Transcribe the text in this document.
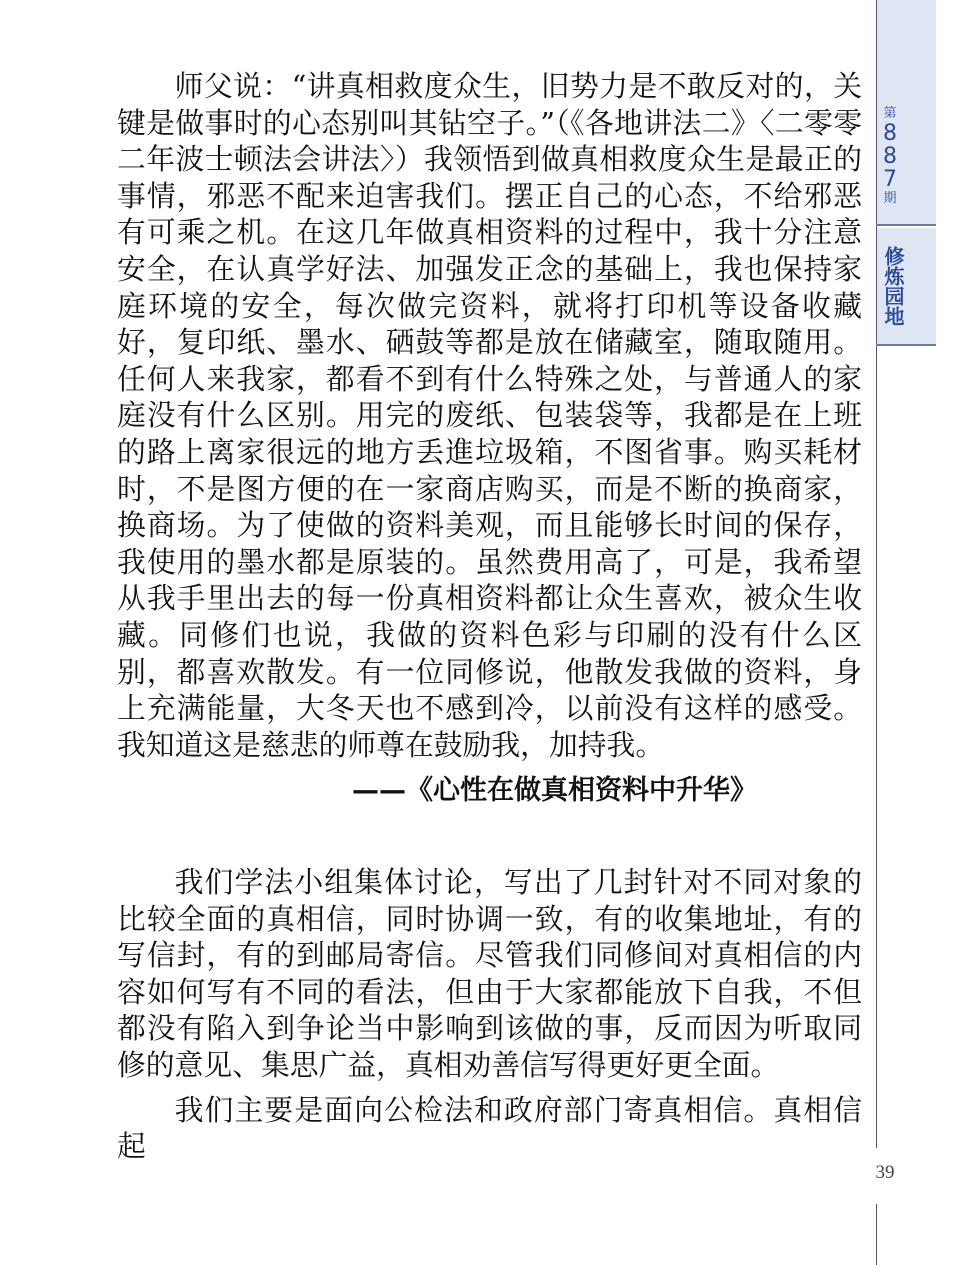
师父说：“讲真相救度众生，旧势力是不敢反对的，关键是做事时的心态别叫其钻空子。”（《各地讲法二》〈二零零二年波士顿法会讲法〉）我领悟到做真相救度众生是最正的事情，邪恶不配来迫害我们。摆正自己的心态，不给邪恶有可乘之机。在这几年做真相资料的过程中，我十分注意安全，在认真学好法、加强发正念的基础上，我也保持家庭环境的安全，每次做完资料，就将打印机等设备收藏好，复印纸、墨水、硒鼓等都是放在储藏室，随取随用。任何人来我家，都看不到有什么特殊之处，与普通人的家庭没有什么区别。用完的废纸、包装袋等，我都是在上班的路上离家很远的地方丢進垃圾箱，不图省事。购买耗材时，不是图方便的在一家商店购买，而是不断的换商家，换商场。为了使做的资料美观，而且能够长时间的保存，我使用的墨水都是原装的。虽然费用高了，可是，我希望从我手里出去的每一份真相资料都让众生喜欢，被众生收藏。同修们也说，我做的资料色彩与印刷的没有什么区别，都喜欢散发。有一位同修说，他散发我做的资料，身上充满能量，大冬天也不感到冷，以前没有这样的感受。我知道这是慈悲的师尊在鼓励我，加持我。

——《心性在做真相资料中升华》

我们学法小组集体讨论，写出了几封针对不同对象的比较全面的真相信，同时协调一致，有的收集地址，有的写信封，有的到邮局寄信。尽管我们同修间对真相信的内容如何写有不同的看法，但由于大家都能放下自我，不但都没有陷入到争论当中影响到该做的事，反而因为听取同修的意见、集思广益，真相劝善信写得更好更全面。

我们主要是面向公检法和政府部门寄真相信。真相信起

第
8
8
7
期
修炼园地
39
